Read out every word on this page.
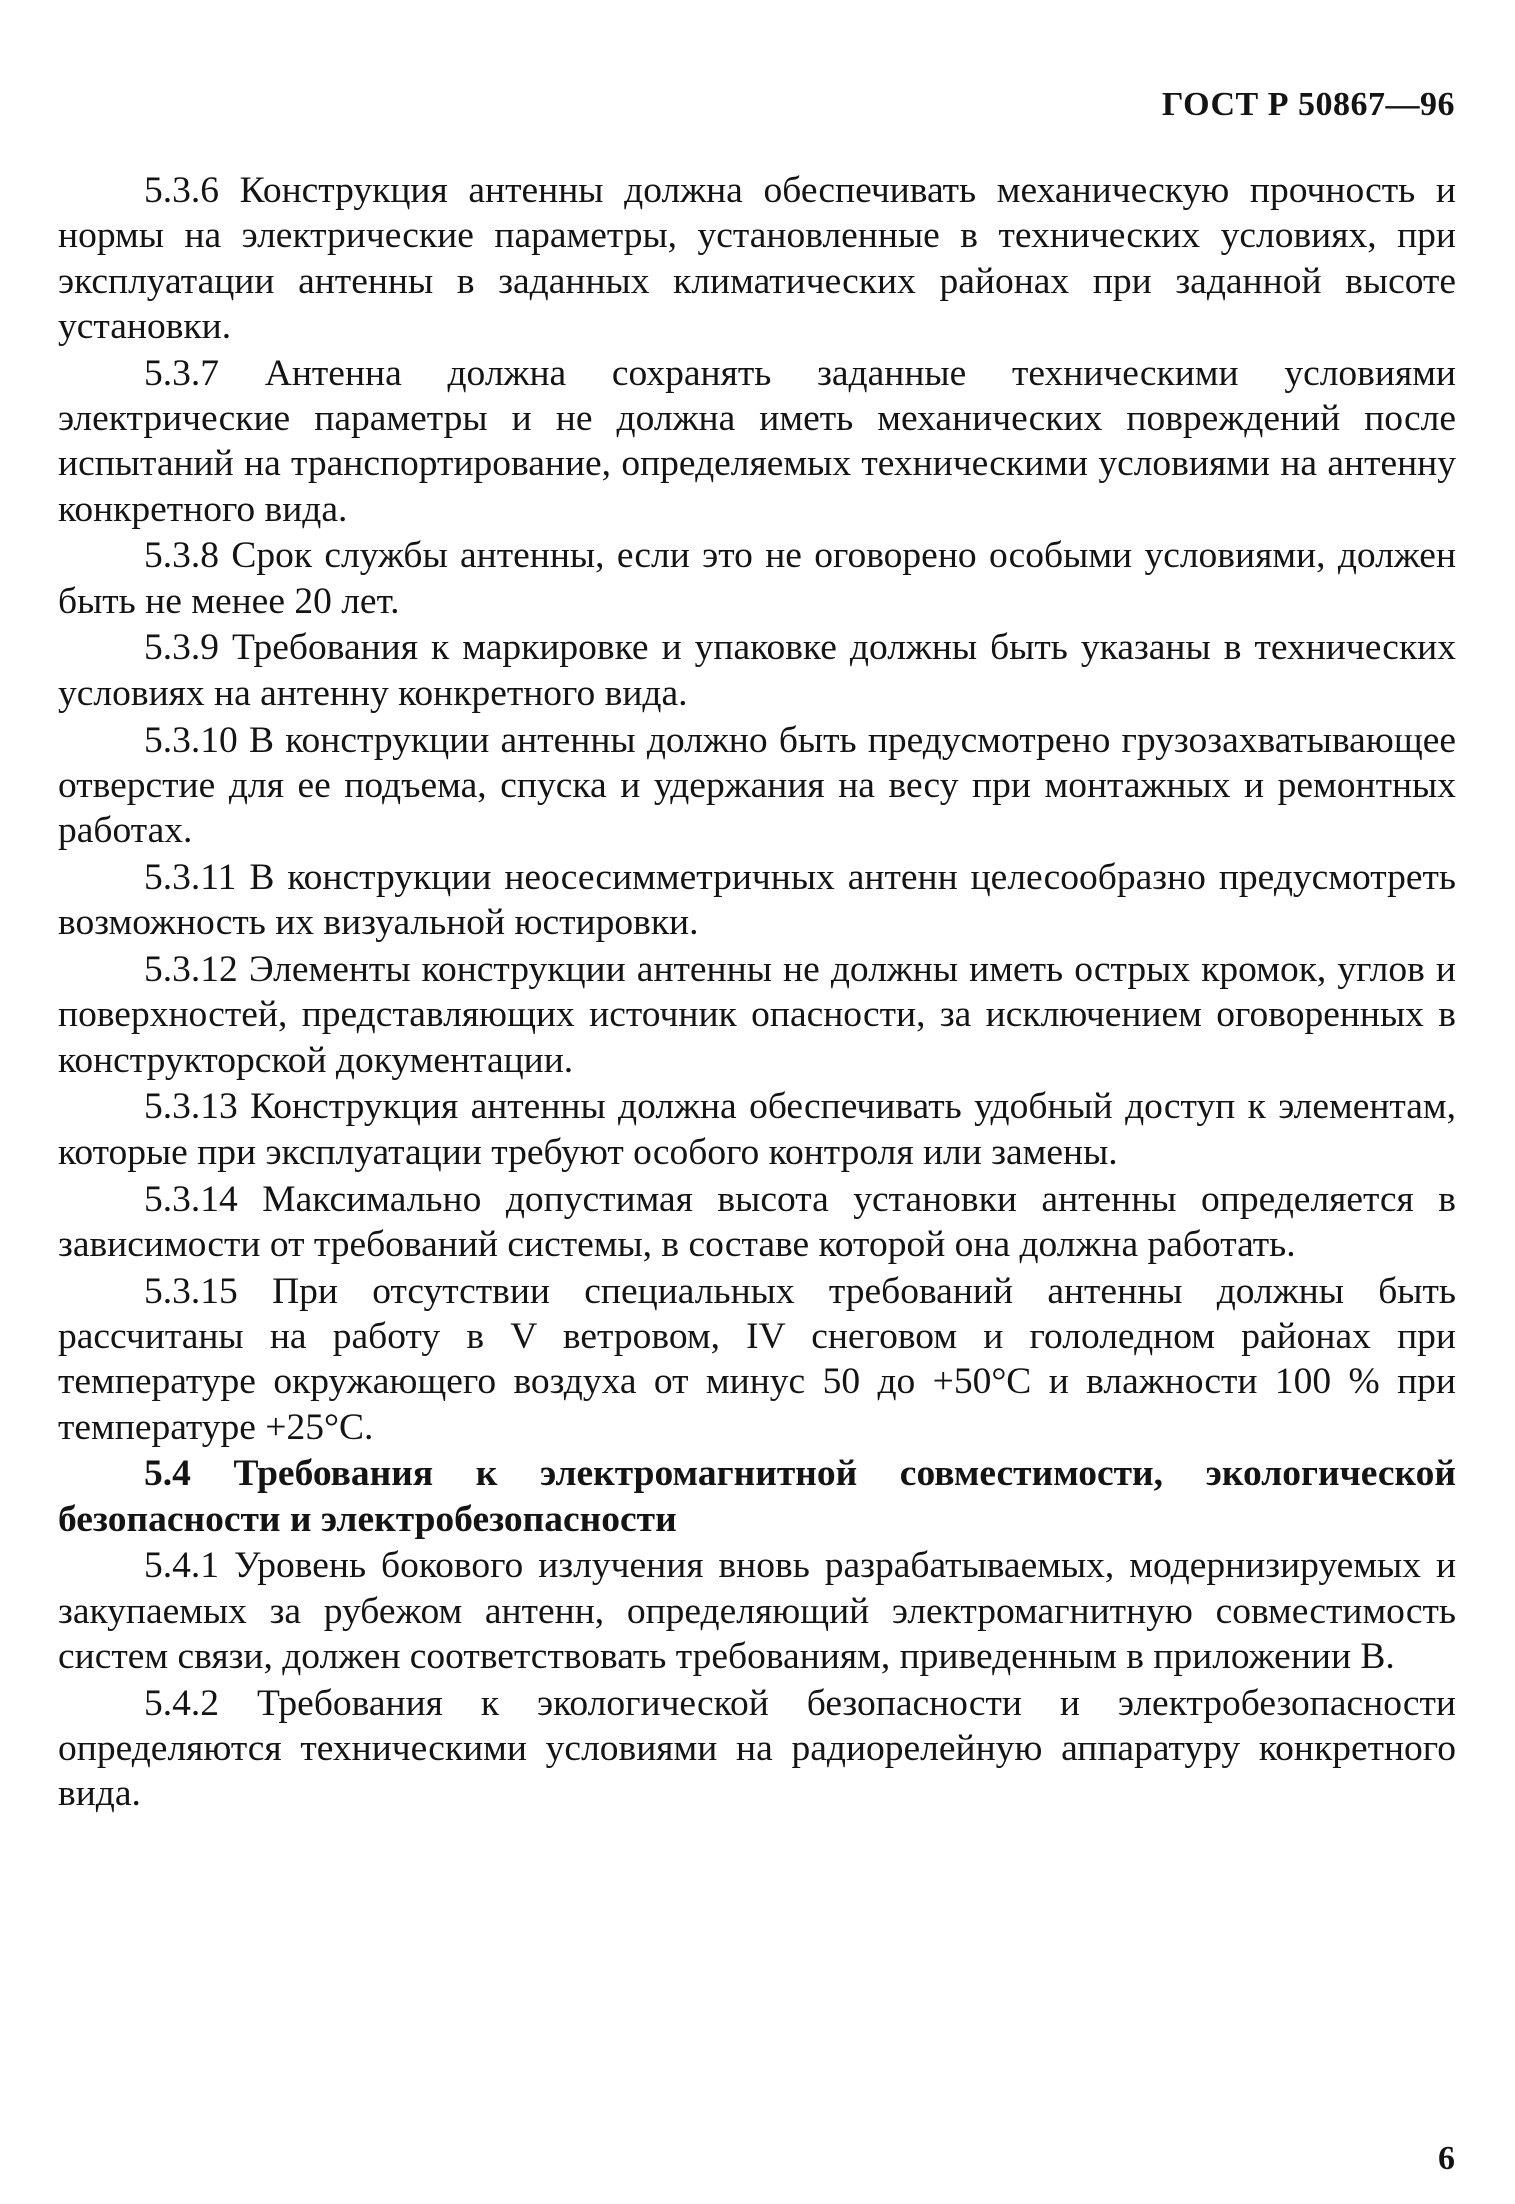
ГОСТ Р 50867—96

5.3.6 Конструкция антенны должна обеспечивать механическую прочность и нормы на электрические параметры, установленные в технических условиях, при эксплуатации антенны в заданных климатических районах при заданной высоте установки.

5.3.7 Антенна должна сохранять заданные техническими условиями электрические параметры и не должна иметь механических повреждений после испытаний на транспортирование, определяемых техническими условиями на антенну конкретного вида.

5.3.8 Срок службы антенны, если это не оговорено особыми условиями, должен быть не менее 20 лет.

5.3.9 Требования к маркировке и упаковке должны быть указаны в технических условиях на антенну конкретного вида.

5.3.10 В конструкции антенны должно быть предусмотрено грузозахватывающее отверстие для ее подъема, спуска и удержания на весу при монтажных и ремонтных работах.

5.3.11 В конструкции неосесимметричных антенн целесообразно предусмотреть возможность их визуальной юстировки.

5.3.12 Элементы конструкции антенны не должны иметь острых кромок, углов и поверхностей, представляющих источник опасности, за исключением оговоренных в конструкторской документации.

5.3.13 Конструкция антенны должна обеспечивать удобный доступ к элементам, которые при эксплуатации требуют особого контроля или замены.

5.3.14 Максимально допустимая высота установки антенны определяется в зависимости от требований системы, в составе которой она должна работать.

5.3.15 При отсутствии специальных требований антенны должны быть рассчитаны на работу в V ветровом, IV снеговом и гололедном районах при температуре окружающего воздуха от минус 50 до +50°С и влажности 100 % при температуре +25°С.

5.4 Требования к электромагнитной совместимости, экологической безопасности и электробезопасности

5.4.1 Уровень бокового излучения вновь разрабатываемых, модернизируемых и закупаемых за рубежом антенн, определяющий электромагнитную совместимость систем связи, должен соответствовать требованиям, приведенным в приложении В.

5.4.2 Требования к экологической безопасности и электробезопасности определяются техническими условиями на радиорелейную аппаратуру конкретного вида.

6
